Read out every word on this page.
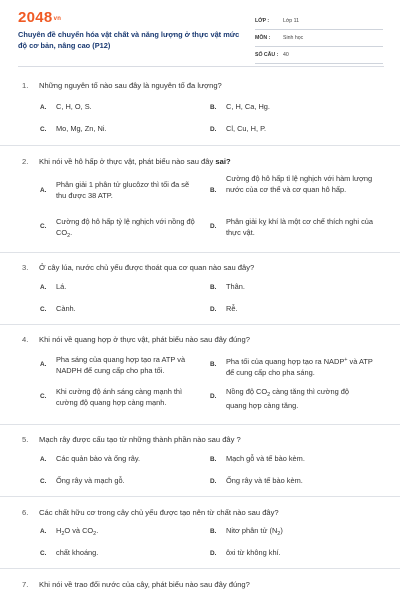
$2048^{vn}$
Chuyên đề chuyển hóa vật chất và năng lượng ở thực vật mức độ cơ bản, nâng cao (P12)
LỚP :	Lớp 11
MÔN : Sinh học
SỐ CÂU : 40
1. Những nguyên tố nào sau đây là nguyên tố đa lượng?
A. C, H, O, S.	B. C, H, Ca, Hg.
C. Mo, Mg, Zn, Ni.	D. Cl, Cu, H, P.
2. Khi nói về hô hấp ở thực vật, phát biểu nào sau đây sai?
A.
Phân giải 1 phân tử glucôzơ thì tối đa sẽ thu được 38 ATP.
B.
Cường độ hô hấp tỉ lệ nghịch với hàm lượng nước của cơ thể và cơ quan hô hấp.
C.
Cường độ hô hấp tỷ lệ nghịch với nồng độ $CO_2$.
D.
Phân giải kỵ khí là một cơ chế thích nghi của thực vật.
3. Ở cây lúa, nước chủ yếu được thoát qua cơ quan nào sau đây?
A. Lá.	B. Thân.
C. Cành.	D. Rễ.
4. Khi nói về quang hợp ở thực vật, phát biểu nào sau đây đúng?
A.
Pha sáng của quang hợp tạo ra ATP và NADPH để cung cấp cho pha tối.
B. Pha tối của quang hợp tạo ra NADP+ và ATP để cung cấp cho pha sáng.
C.
Khi cường độ ánh sáng càng mạnh thì cường độ quang hợp càng mạnh.
D.
Nồng độ $CO_2$ càng tăng thì cường độ quang hợp càng tăng.
5. Mạch rây được cấu tạo từ những thành phần nào sau đây ?
A. Các quản bào và ống rây.	B. Mạch gỗ và tế bào kèm.
C. Ống rây và mạch gỗ.	D. Ống rây và tế bào kèm.
6. Các chất hữu cơ trong cây chủ yếu được tạo nên từ chất nào sau đây?
A. $H_2O$ và $CO_2$.	B. Nitơ phân tử $(N_2)$
C. chất khoáng.	D. ôxi từ không khí.
7. Khi nói về trao đổi nước của cây, phát biểu nào sau đây đúng?
